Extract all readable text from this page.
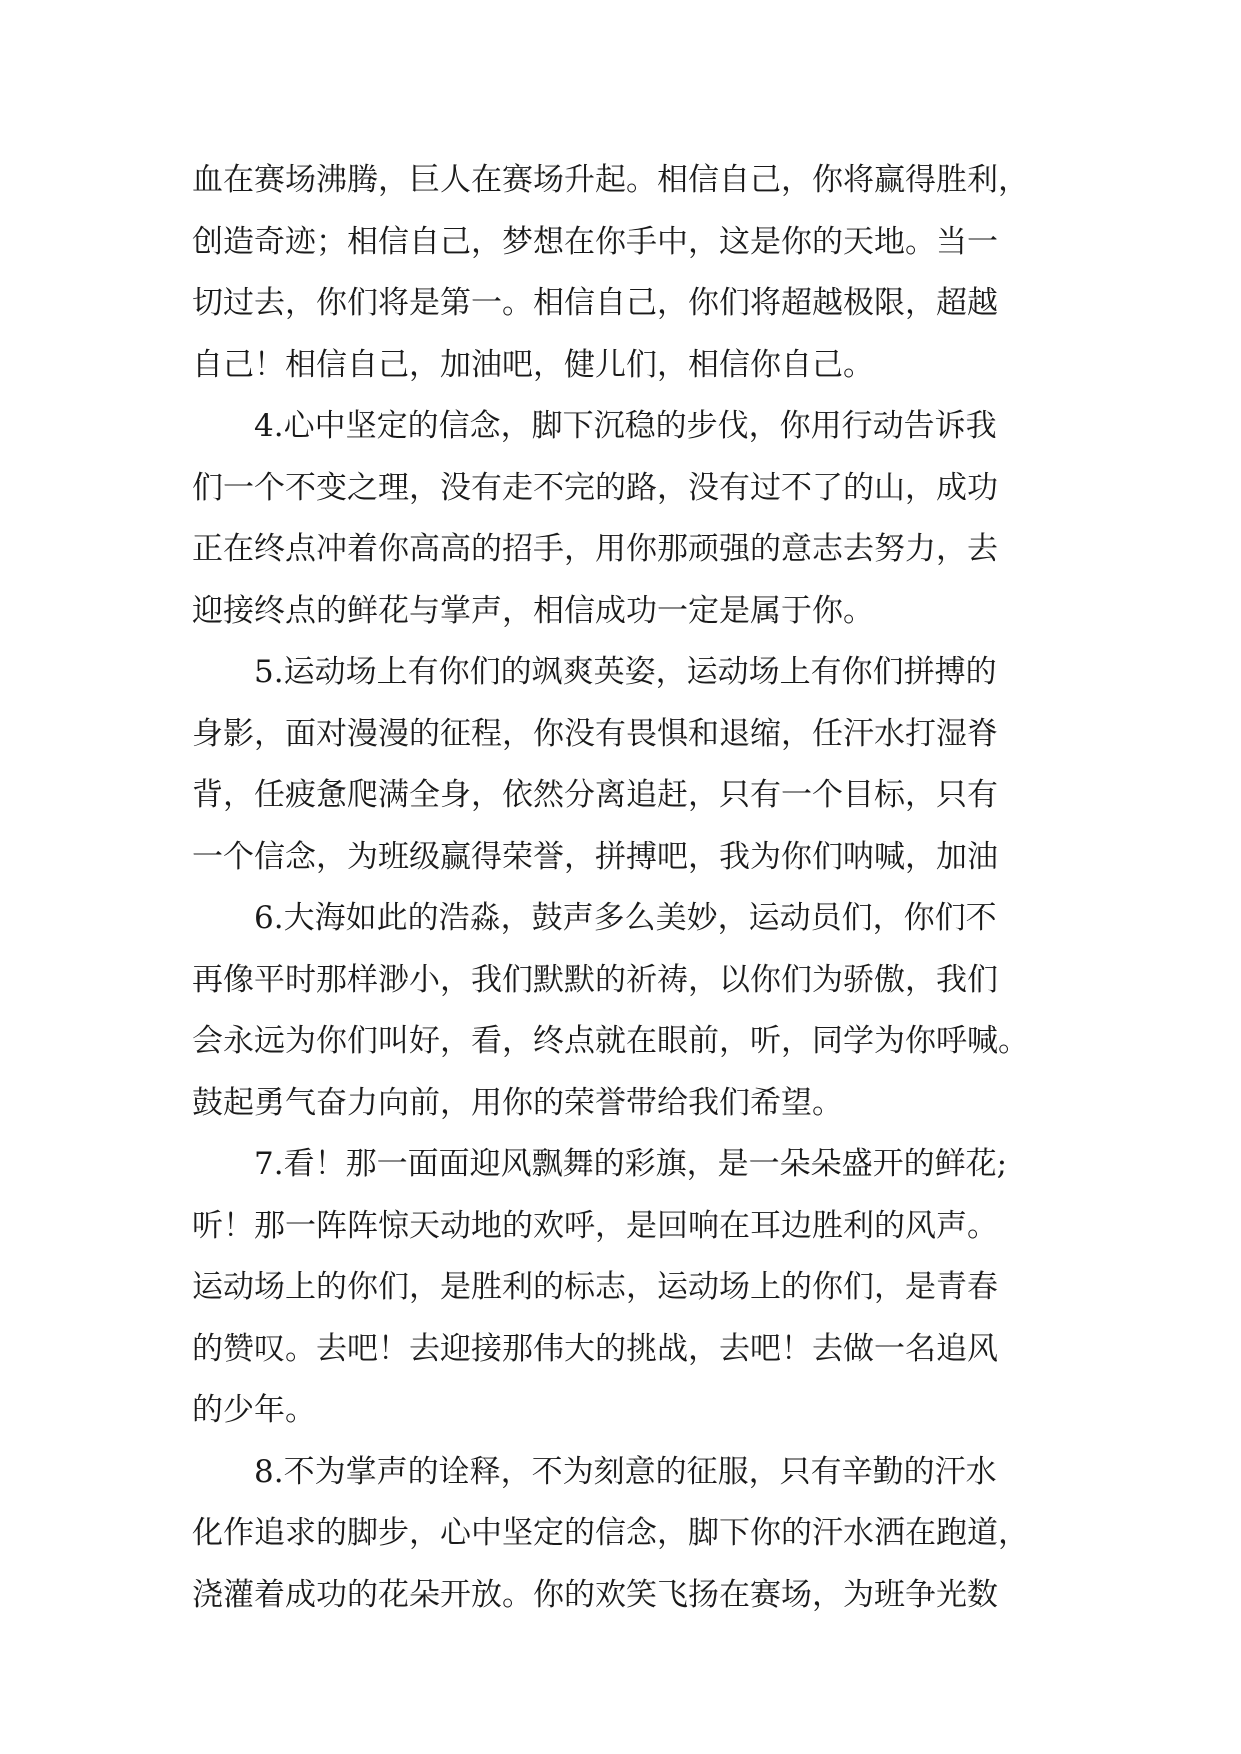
血在赛场沸腾，巨人在赛场升起。相信自己，你将赢得胜利，
创造奇迹；相信自己，梦想在你手中，这是你的天地。当一
切过去，你们将是第一。相信自己，你们将超越极限，超越
自己！相信自己，加油吧，健儿们，相信你自己。
4.心中坚定的信念，脚下沉稳的步伐，你用行动告诉我
们一个不变之理，没有走不完的路，没有过不了的山，成功
正在终点冲着你高高的招手，用你那顽强的意志去努力，去
迎接终点的鲜花与掌声，相信成功一定是属于你。
5.运动场上有你们的飒爽英姿，运动场上有你们拼搏的
身影，面对漫漫的征程，你没有畏惧和退缩，任汗水打湿脊
背，任疲惫爬满全身，依然分离追赶，只有一个目标，只有
一个信念，为班级赢得荣誉，拼搏吧，我为你们呐喊，加油
6.大海如此的浩淼，鼓声多么美妙，运动员们，你们不
再像平时那样渺小，我们默默的祈祷，以你们为骄傲，我们
会永远为你们叫好，看，终点就在眼前，听，同学为你呼喊。
鼓起勇气奋力向前，用你的荣誉带给我们希望。
7.看！那一面面迎风飘舞的彩旗，是一朵朵盛开的鲜花;
听！那一阵阵惊天动地的欢呼，是回响在耳边胜利的风声。
运动场上的你们，是胜利的标志，运动场上的你们，是青春
的赞叹。去吧！去迎接那伟大的挑战，去吧！去做一名追风
的少年。
8.不为掌声的诠释，不为刻意的征服，只有辛勤的汗水
化作追求的脚步，心中坚定的信念，脚下你的汗水洒在跑道，
浇灌着成功的花朵开放。你的欢笑飞扬在赛场，为班争光数
